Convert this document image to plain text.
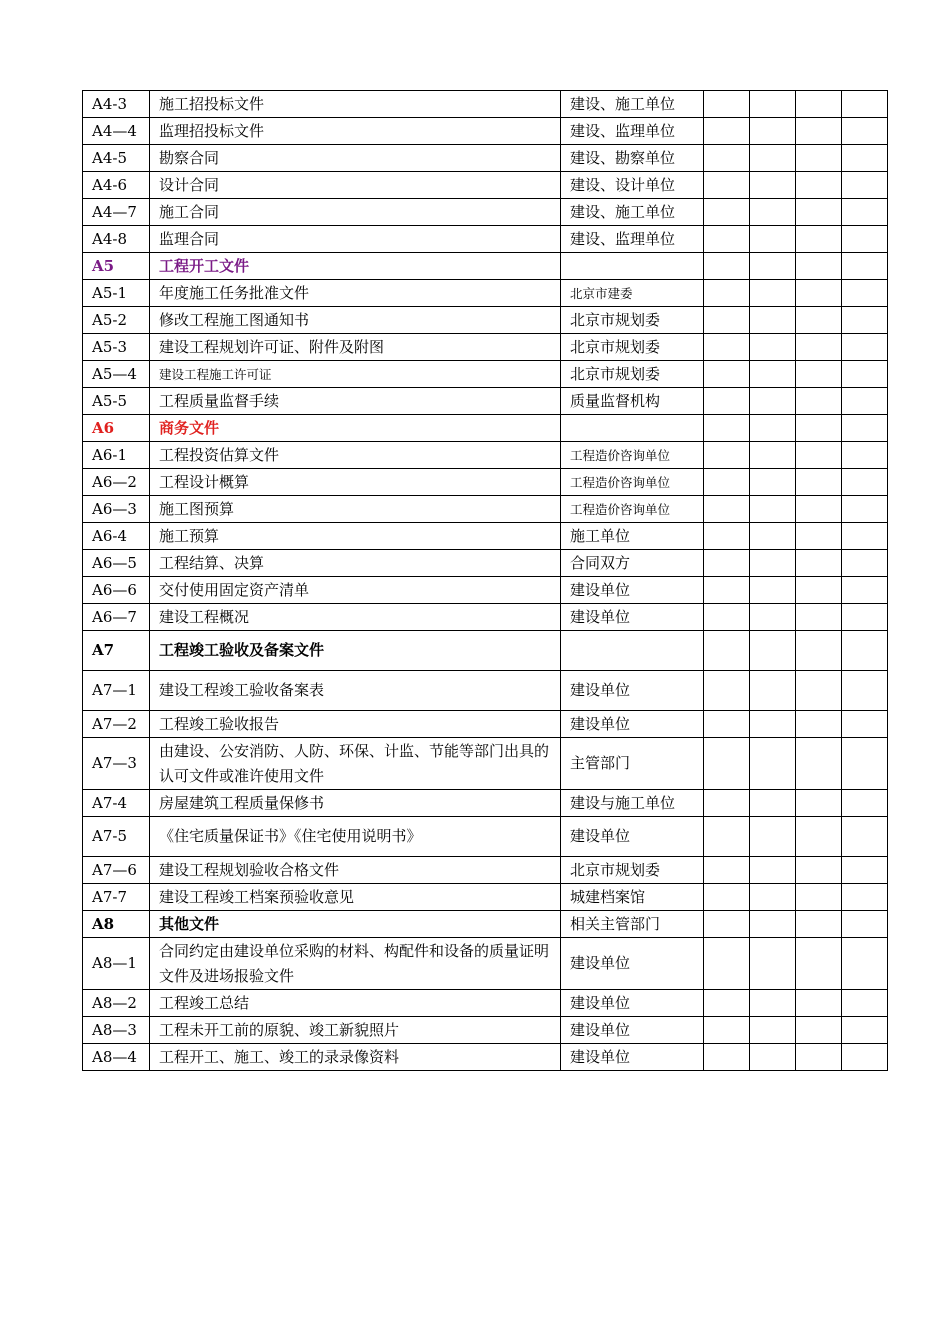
A4-3	施工招投标文件	建设、施工单位				
A4—4	监理招投标文件	建设、监理单位				
A4-5	勘察合同	建设、勘察单位				
A4-6	设计合同	建设、设计单位				
A4—7	施工合同	建设、施工单位				
A4-8	监理合同	建设、监理单位				
A5	工程开工文件					
A5-1	年度施工任务批准文件	北京市建委				
A5-2	修改工程施工图通知书	北京市规划委				
A5-3	建设工程规划许可证、附件及附图	北京市规划委				
A5—4	建设工程施工许可证	北京市规划委				
A5-5	工程质量监督手续	质量监督机构				
A6	商务文件					
A6-1	工程投资估算文件	工程造价咨询单位				
A6—2	工程设计概算	工程造价咨询单位				
A6—3	施工图预算	工程造价咨询单位				
A6-4	施工预算	施工单位				
A6—5	工程结算、决算	合同双方				
A6—6	交付使用固定资产清单	建设单位				
A6—7	建设工程概况	建设单位				
A7	工程竣工验收及备案文件					
A7—1	建设工程竣工验收备案表	建设单位				
A7—2	工程竣工验收报告	建设单位				
A7—3	由建设、公安消防、人防、环保、计监、节能等部门出具的认可文件或准许使用文件	主管部门				
A7-4	房屋建筑工程质量保修书	建设与施工单位				
A7-5	《住宅质量保证书》《住宅使用说明书》	建设单位				
A7—6	建设工程规划验收合格文件	北京市规划委				
A7-7	建设工程竣工档案预验收意见	城建档案馆				
A8	其他文件	相关主管部门				
A8—1	合同约定由建设单位采购的材料、构配件和设备的质量证明文件及进场报验文件	建设单位				
A8—2	工程竣工总结	建设单位				
A8—3	工程未开工前的原貌、竣工新貌照片	建设单位				
A8—4	工程开工、施工、竣工的录录像资料	建设单位				
